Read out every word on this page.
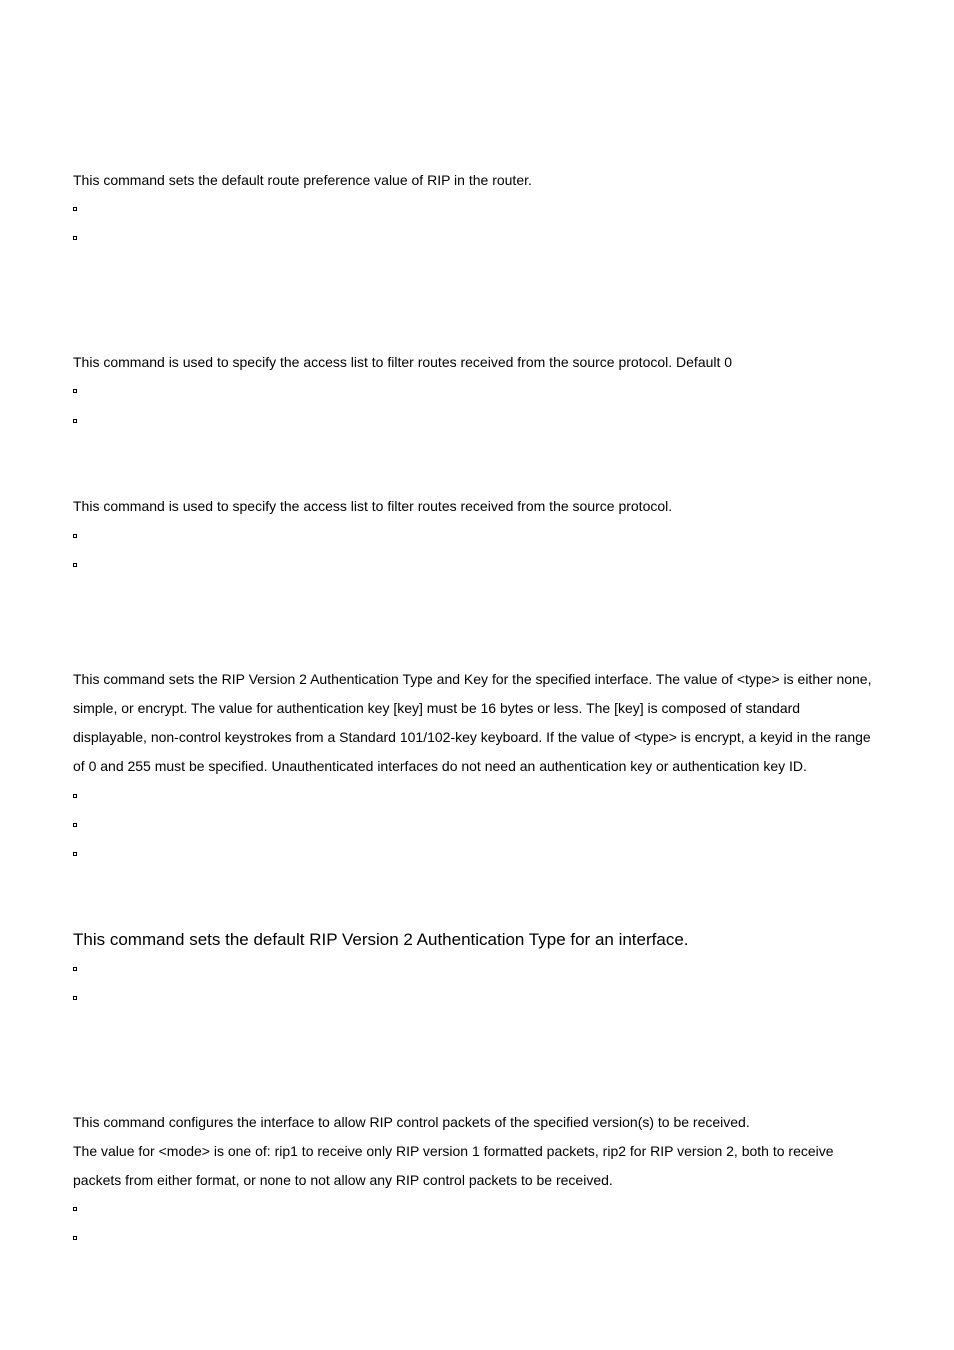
This command sets the default route preference value of RIP in the router.

This command is used to specify the access list to filter routes received from the source protocol. Default 0

This command is used to specify the access list to filter routes received from the source protocol.

This command sets the RIP Version 2 Authentication Type and Key for the specified interface. The value of <type> is either none, simple, or encrypt. The value for authentication key [key] must be 16 bytes or less. The [key] is composed of standard displayable, non-control keystrokes from a Standard 101/102-key keyboard. If the value of <type> is encrypt, a keyid in the range of 0 and 255 must be specified. Unauthenticated interfaces do not need an authentication key or authentication key ID.

This command sets the default RIP Version 2 Authentication Type for an interface.

This command configures the interface to allow RIP control packets of the specified version(s) to be received.

The value for <mode> is one of: rip1 to receive only RIP version 1 formatted packets, rip2 for RIP version 2, both to receive packets from either format, or none to not allow any RIP control packets to be received.
